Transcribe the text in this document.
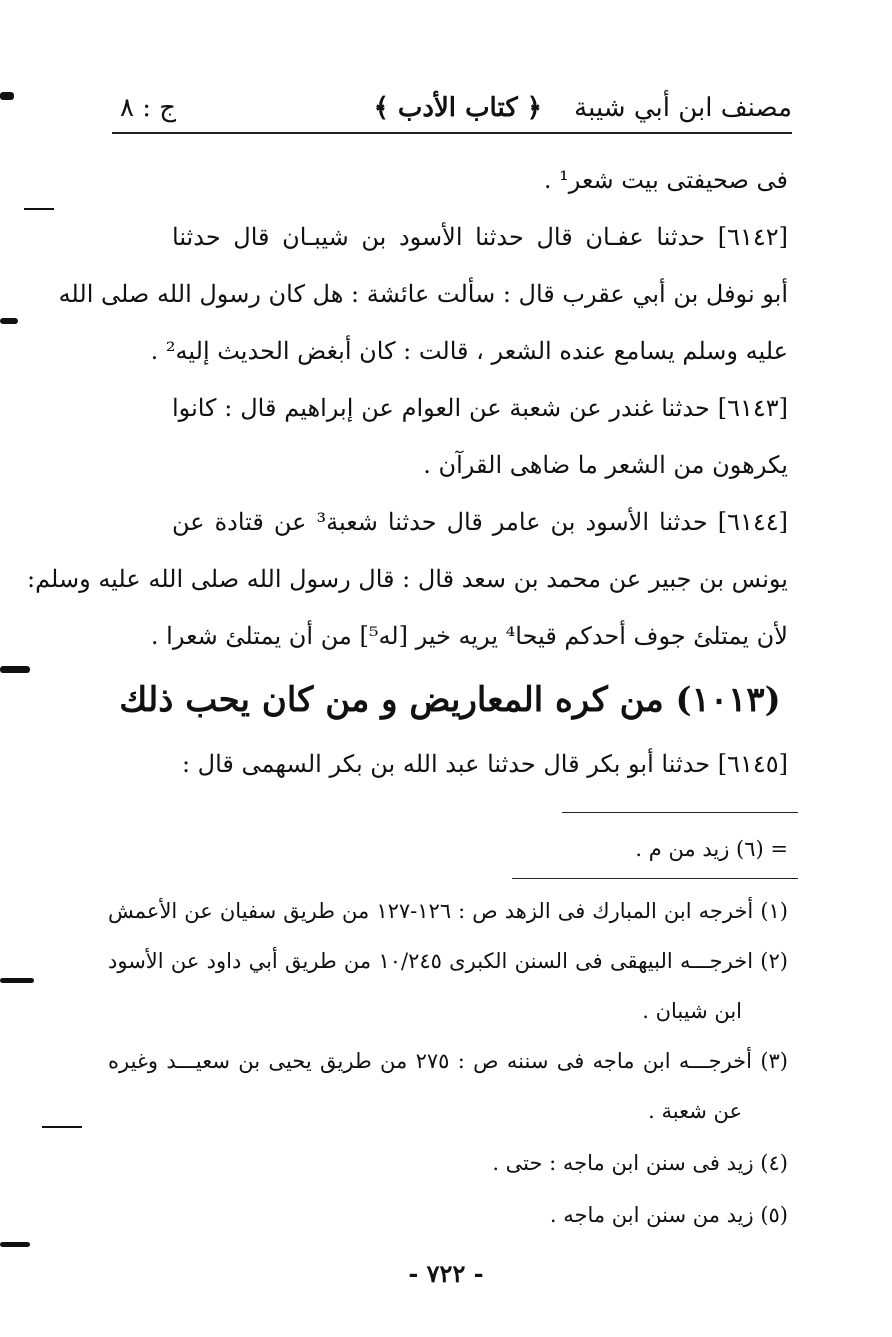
مصنف ابن أبي شيبة
﴿ كتاب الأدب ﴾
ج : ٨
فى صحيفتى بيت شعر¹ .
[٦١٤٢] حدثنا عفـان قال حدثنا الأسود بن شيبـان قال حدثنا
أبو نوفل بن أبي عقرب قال : سألت عائشة : هل كان رسول الله صلى الله
عليه وسلم يسامع عنده الشعر ، قالت : كان أبغض الحديث إليه² .
[٦١٤٣] حدثنا غندر عن شعبة عن العوام عن إبراهيم قال : كانوا
يكرهون من الشعر ما ضاهى القرآن .
[٦١٤٤] حدثنا الأسود بن عامر قال حدثنا شعبة³ عن قتادة عن
يونس بن جبير عن محمد بن سعد قال : قال رسول الله صلى الله عليه وسلم:
لأن يمتلئ جوف أحدكم قيحا⁴ يريه خير [له⁵] من أن يمتلئ شعرا .
(١٠١٣) من كره المعاريض و من كان يحب ذلك
[٦١٤٥] حدثنا أبو بكر قال حدثنا عبد الله بن بكر السهمى قال :
= (٦) زيد من م .
(١) أخرجه ابن المبارك فى الزهد ص : ١٢٦-١٢٧ من طريق سفيان عن الأعمش
(٢) اخرجـــه البيهقى فى السنن الكبرى ١٠/٢٤٥ من طريق أبي داود عن الأسود
ابن شيبان .
(٣) أخرجـــه ابن ماجه فى سننه ص : ٢٧٥ من طريق يحيى بن سعيـــد وغيره
عن شعبة .
(٤) زيد فى سنن ابن ماجه : حتى .
(٥) زيد من سنن ابن ماجه .
- ٧٢٢ -
